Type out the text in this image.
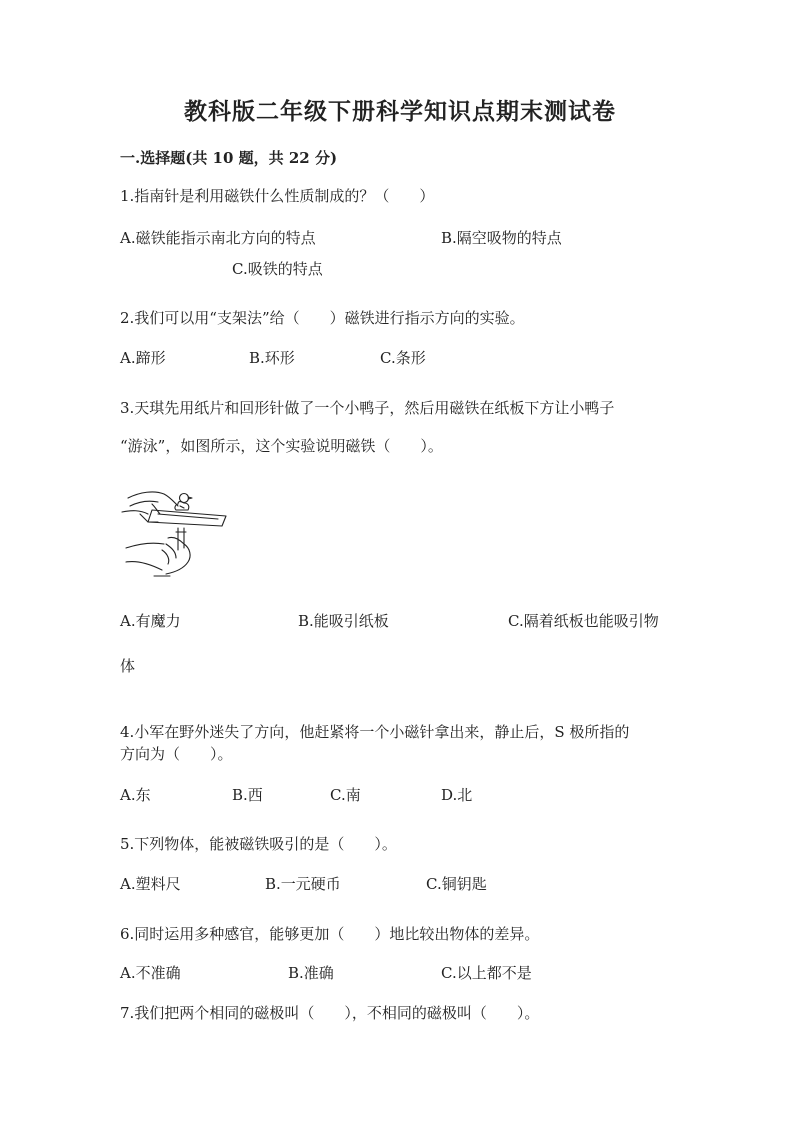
教科版二年级下册科学知识点期末测试卷
一.选择题(共 10 题，共 22 分)
1.指南针是利用磁铁什么性质制成的？（　　）
A.磁铁能指示南北方向的特点	B.隔空吸物的特点
C.吸铁的特点
2.我们可以用“支架法”给（　　）磁铁进行指示方向的实验。
A.蹄形	B.环形	C.条形
3.天琪先用纸片和回形针做了一个小鸭子，然后用磁铁在纸板下方让小鸭子
“游泳”，如图所示，这个实验说明磁铁（　　）。
A.有魔力	B.能吸引纸板	C.隔着纸板也能吸引物
体
4.小军在野外迷失了方向，他赶紧将一个小磁针拿出来，静止后，S 极所指的
方向为（　　）。
A.东	B.西	C.南	D.北
5.下列物体，能被磁铁吸引的是（　　）。
A.塑料尺	B.一元硬币	C.铜钥匙
6.同时运用多种感官，能够更加（　　）地比较出物体的差异。
A.不准确	B.准确	C.以上都不是
7.我们把两个相同的磁极叫（　　），不相同的磁极叫（　　）。
